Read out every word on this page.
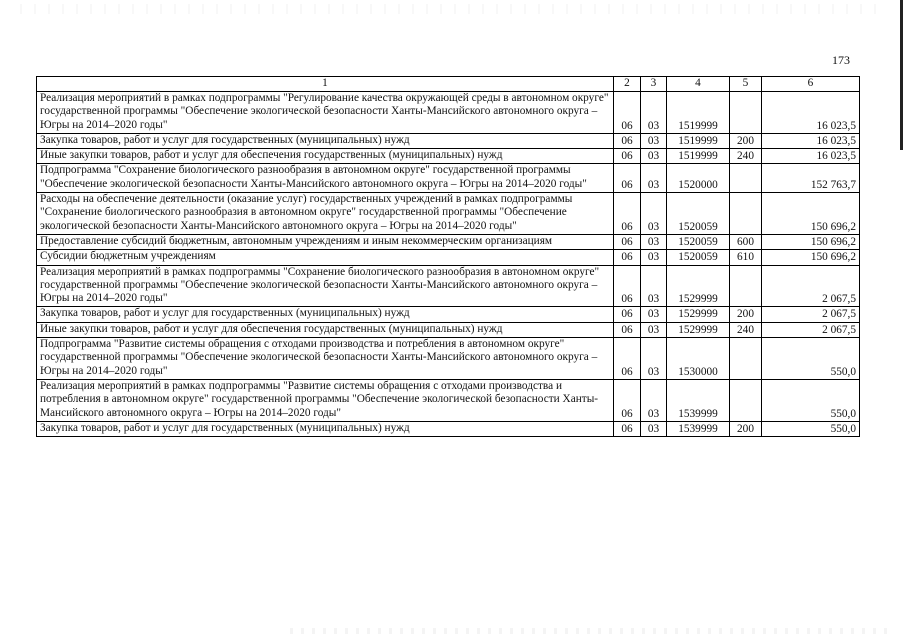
173
1	2	3	4	5	6
Реализация мероприятий в рамках подпрограммы "Регулирование качества окружающей среды в автономном округе" государственной программы "Обеспечение экологической безопасности Ханты-Мансийского автономного округа – Югры на 2014–2020 годы"	06	03	1519999		16 023,5
Закупка товаров, работ и услуг для государственных (муниципальных) нужд	06	03	1519999	200	16 023,5
Иные закупки товаров, работ и услуг для обеспечения государственных (муниципальных) нужд	06	03	1519999	240	16 023,5
Подпрограмма "Сохранение биологического разнообразия в автономном округе" государственной программы "Обеспечение экологической безопасности Ханты-Мансийского автономного округа – Югры на 2014–2020 годы"	06	03	1520000		152 763,7
Расходы на обеспечение деятельности (оказание услуг) государственных учреждений в рамках подпрограммы "Сохранение биологического разнообразия в автономном округе" государственной программы "Обеспечение экологической безопасности Ханты-Мансийского автономного округа – Югры на 2014–2020 годы"	06	03	1520059		150 696,2
Предоставление субсидий бюджетным, автономным учреждениям и иным некоммерческим организациям	06	03	1520059	600	150 696,2
Субсидии бюджетным учреждениям	06	03	1520059	610	150 696,2
Реализация мероприятий в рамках подпрограммы "Сохранение биологического разнообразия в автономном округе" государственной программы "Обеспечение экологической безопасности Ханты-Мансийского автономного округа – Югры на 2014–2020 годы"	06	03	1529999		2 067,5
Закупка товаров, работ и услуг для государственных (муниципальных) нужд	06	03	1529999	200	2 067,5
Иные закупки товаров, работ и услуг для обеспечения государственных (муниципальных) нужд	06	03	1529999	240	2 067,5
Подпрограмма "Развитие системы обращения с отходами производства и потребления в автономном округе" государственной программы "Обеспечение экологической безопасности Ханты-Мансийского автономного округа – Югры на 2014–2020 годы"	06	03	1530000		550,0
Реализация мероприятий в рамках подпрограммы "Развитие системы обращения с отходами производства и потребления в автономном округе" государственной программы "Обеспечение экологической безопасности Ханты-Мансийского автономного округа – Югры на 2014–2020 годы"	06	03	1539999		550,0
Закупка товаров, работ и услуг для государственных (муниципальных) нужд	06	03	1539999	200	550,0
